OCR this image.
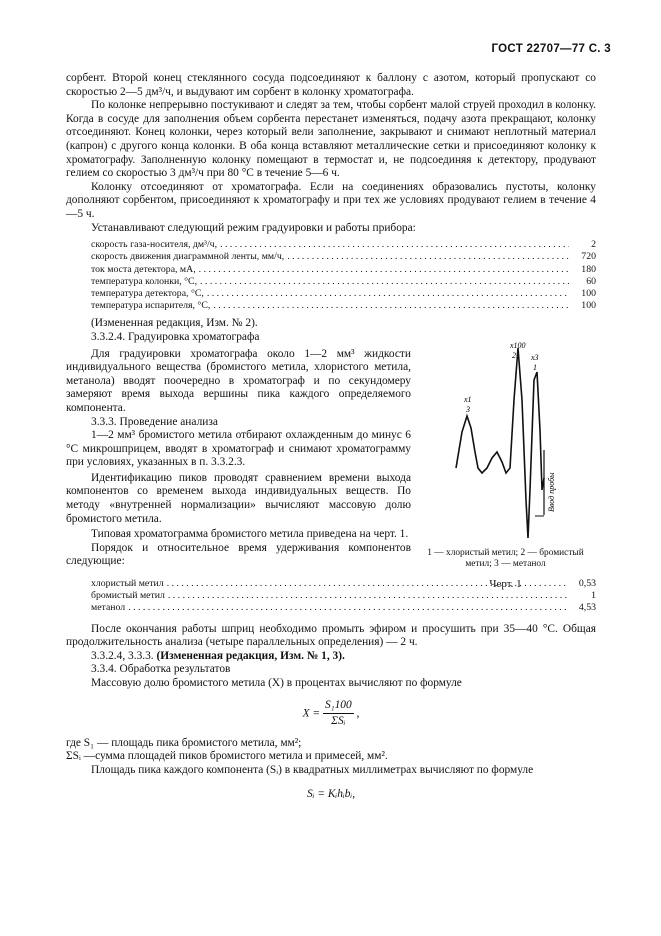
ГОСТ 22707—77 С. 3

сорбент. Второй конец стеклянного сосуда подсоединяют к баллону с азотом, который пропускают со скоростью 2—5 дм³/ч, и выдувают им сорбент в колонку хроматографа.

По колонке непрерывно постукивают и следят за тем, чтобы сорбент малой струей проходил в колонку. Когда в сосуде для заполнения объем сорбента перестанет изменяться, подачу азота прекращают, колонку отсоединяют. Конец колонки, через который вели заполнение, закрывают и снимают неплотный материал (капрон) с другого конца колонки. В оба конца вставляют металлические сетки и присоединяют колонку к хроматографу. Заполненную колонку помещают в термостат и, не подсоединяя к детектору, продувают гелием со скоростью 3 дм³/ч при 80 °С в течение 5—6 ч.

Колонку отсоединяют от хроматографа. Если на соединениях образовались пустоты, колонку дополняют сорбентом, присоединяют к хроматографу и при тех же условиях продувают гелием в течение 4—5 ч.

Устанавливают следующий режим градуировки и работы прибора:

скорость газа-носителя, дм³/ч, . . .	2
скорость движения диаграммной ленты, мм/ч, . . .	720
ток моста детектора, мА, . . .	180
температура колонки, °С, . . .	60
температура детектора, °С, . . .	100
температура испарителя, °С, . . .	100

(Измененная редакция, Изм. № 2).

3.3.2.4. Градуировка хроматографа

Для градуировки хроматографа около 1—2 мм³ жидкости индивидуального вещества (бромистого метила, хлористого метила, метанола) вводят поочередно в хроматограф и по секундомеру замеряют время выхода вершины пика каждого определяемого компонента.

3.3.3. Проведение анализа

1—2 мм³ бромистого метила отбирают охлажденным до минус 6 °С микрошприцем, вводят в хроматограф и снимают хроматограмму при условиях, указанных в п. 3.3.2.3.

Идентификацию пиков проводят сравнением времени выхода компонентов со временем выхода индивидуальных веществ. По методу «внутренней нормализации» вычисляют массовую долю бромистого метила.

Типовая хроматограмма бромистого метила приведена на черт. 1.

Порядок и относительное время удерживания компонентов следующие:

хлористый метил . . .	0,53
бромистый метил . . .	1
метанол . . .	4,53

После окончания работы шприц необходимо промыть эфиром и просушить при 35—40 °С. Общая продолжительность анализа (четыре параллельных определения) — 2 ч.

3.3.2.4, 3.3.3. (Измененная редакция, Изм. № 1, 3).

3.3.4. Обработка результатов

Массовую долю бромистого метила (X) в процентах вычисляют по формуле

$X = \frac{\text{S₁100}}{\text{ΣSᵢ}}$ ,

где S₁ — площадь пика бромистого метила, мм²;

ΣSᵢ —сумма площадей пиков бромистого метила и примесей, мм².

Площадь пика каждого компонента (Sᵢ) в квадратных миллиметрах вычисляют по формуле

Sᵢ = Kᵢhᵢbᵢ,
x1
3
x100
2 x3
1
Ввод пробы
1 — хлористый метил; 2 — бромистый метил; 3 — метанол
Черт. 1
